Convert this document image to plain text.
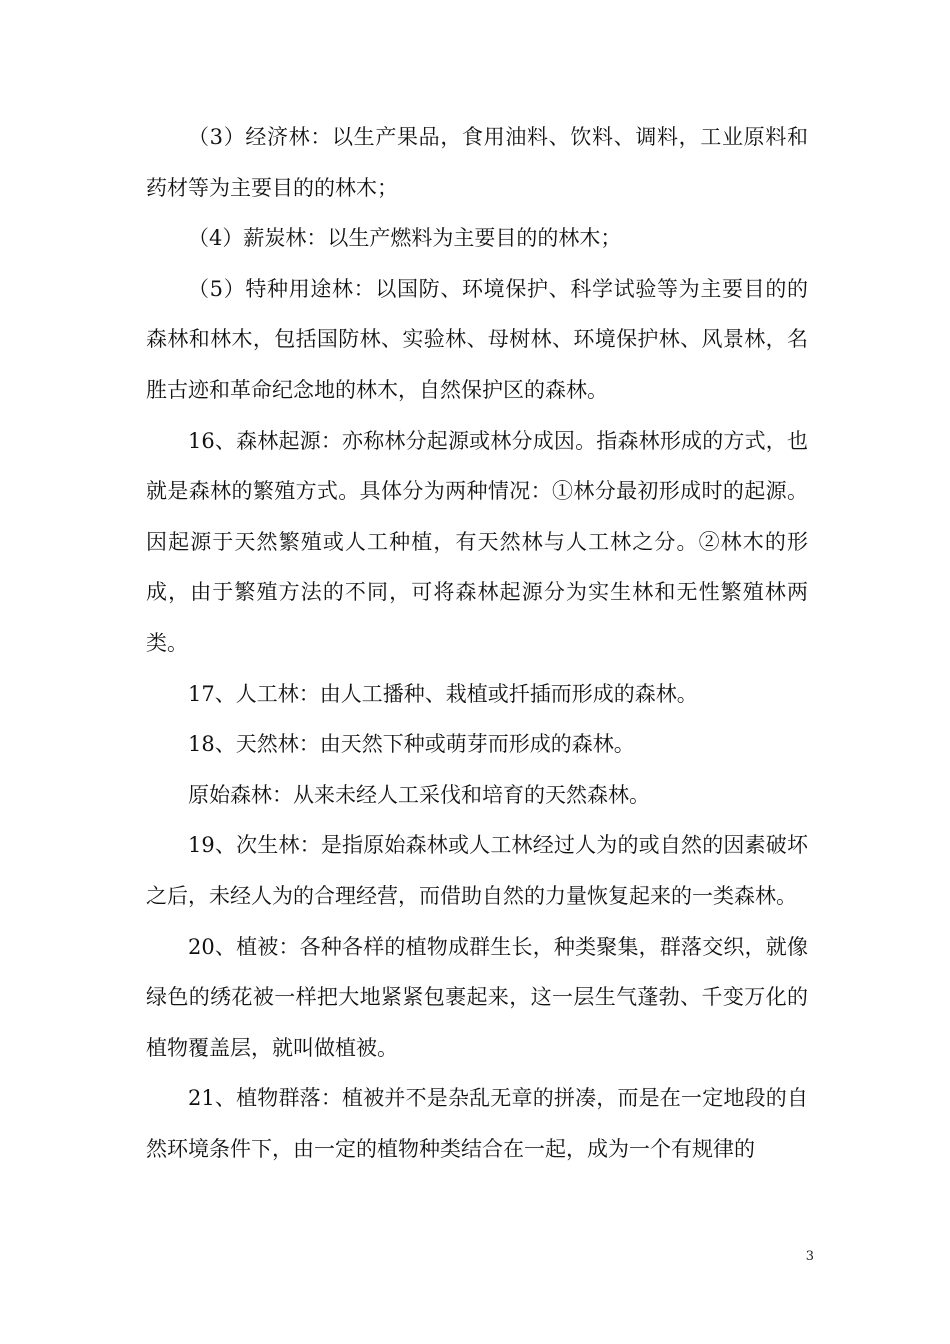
（3）经济林：以生产果品，食用油料、饮料、调料，工业原料和药材等为主要目的的林木；

（4）薪炭林：以生产燃料为主要目的的林木；

（5）特种用途林：以国防、环境保护、科学试验等为主要目的的森林和林木，包括国防林、实验林、母树林、环境保护林、风景林，名胜古迹和革命纪念地的林木，自然保护区的森林。

16、森林起源：亦称林分起源或林分成因。指森林形成的方式，也就是森林的繁殖方式。具体分为两种情况：①林分最初形成时的起源。因起源于天然繁殖或人工种植，有天然林与人工林之分。②林木的形成，由于繁殖方法的不同，可将森林起源分为实生林和无性繁殖林两类。

17、人工林：由人工播种、栽植或扦插而形成的森林。

18、天然林：由天然下种或萌芽而形成的森林。

原始森林：从来未经人工采伐和培育的天然森林。

19、次生林：是指原始森林或人工林经过人为的或自然的因素破坏之后，未经人为的合理经营，而借助自然的力量恢复起来的一类森林。

20、植被：各种各样的植物成群生长，种类聚集，群落交织，就像绿色的绣花被一样把大地紧紧包裹起来，这一层生气蓬勃、千变万化的植物覆盖层，就叫做植被。

21、植物群落：植被并不是杂乱无章的拼凑，而是在一定地段的自然环境条件下，由一定的植物种类结合在一起，成为一个有规律的

3
